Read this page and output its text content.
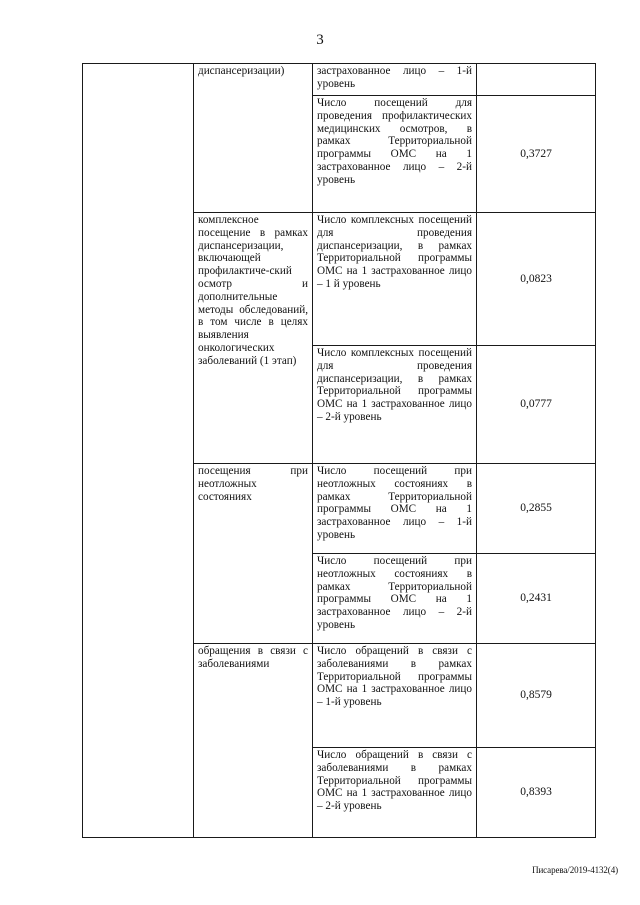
3
	диспансеризации)	застрахованное лицо – 1-й уровень	
		Число посещений для проведения профилактических медицинских осмотров, в рамках Территориальной программы ОМС на 1 застрахованное лицо – 2-й уровень	0,3727
	комплексное посещение в рамках диспансеризации, включающей профилактиче-ский осмотр и дополнительные методы обследований, в том числе в целях выявления онкологических заболеваний (1 этап)	Число комплексных посещений для проведения диспансеризации, в рамках Территориальной программы ОМС на 1 застрахованное лицо – 1 й уровень	0,0823
		Число комплексных посещений для проведения диспансеризации, в рамках Территориальной программы ОМС на 1 застрахованное лицо – 2-й уровень	0,0777
	посещения при неотложных состояниях	Число посещений при неотложных состояниях в рамках Территориальной программы ОМС на 1 застрахованное лицо – 1-й уровень	0,2855
		Число посещений при неотложных состояниях в рамках Территориальной программы ОМС на 1 застрахованное лицо – 2-й уровень	0,2431
	обращения в связи с заболеваниями	Число обращений в связи с заболеваниями в рамках Территориальной программы ОМС на 1 застрахованное лицо – 1-й уровень	0,8579
		Число обращений в связи с заболеваниями в рамках Территориальной программы ОМС на 1 застрахованное лицо – 2-й уровень	0,8393
Писарева/2019-4132(4)
